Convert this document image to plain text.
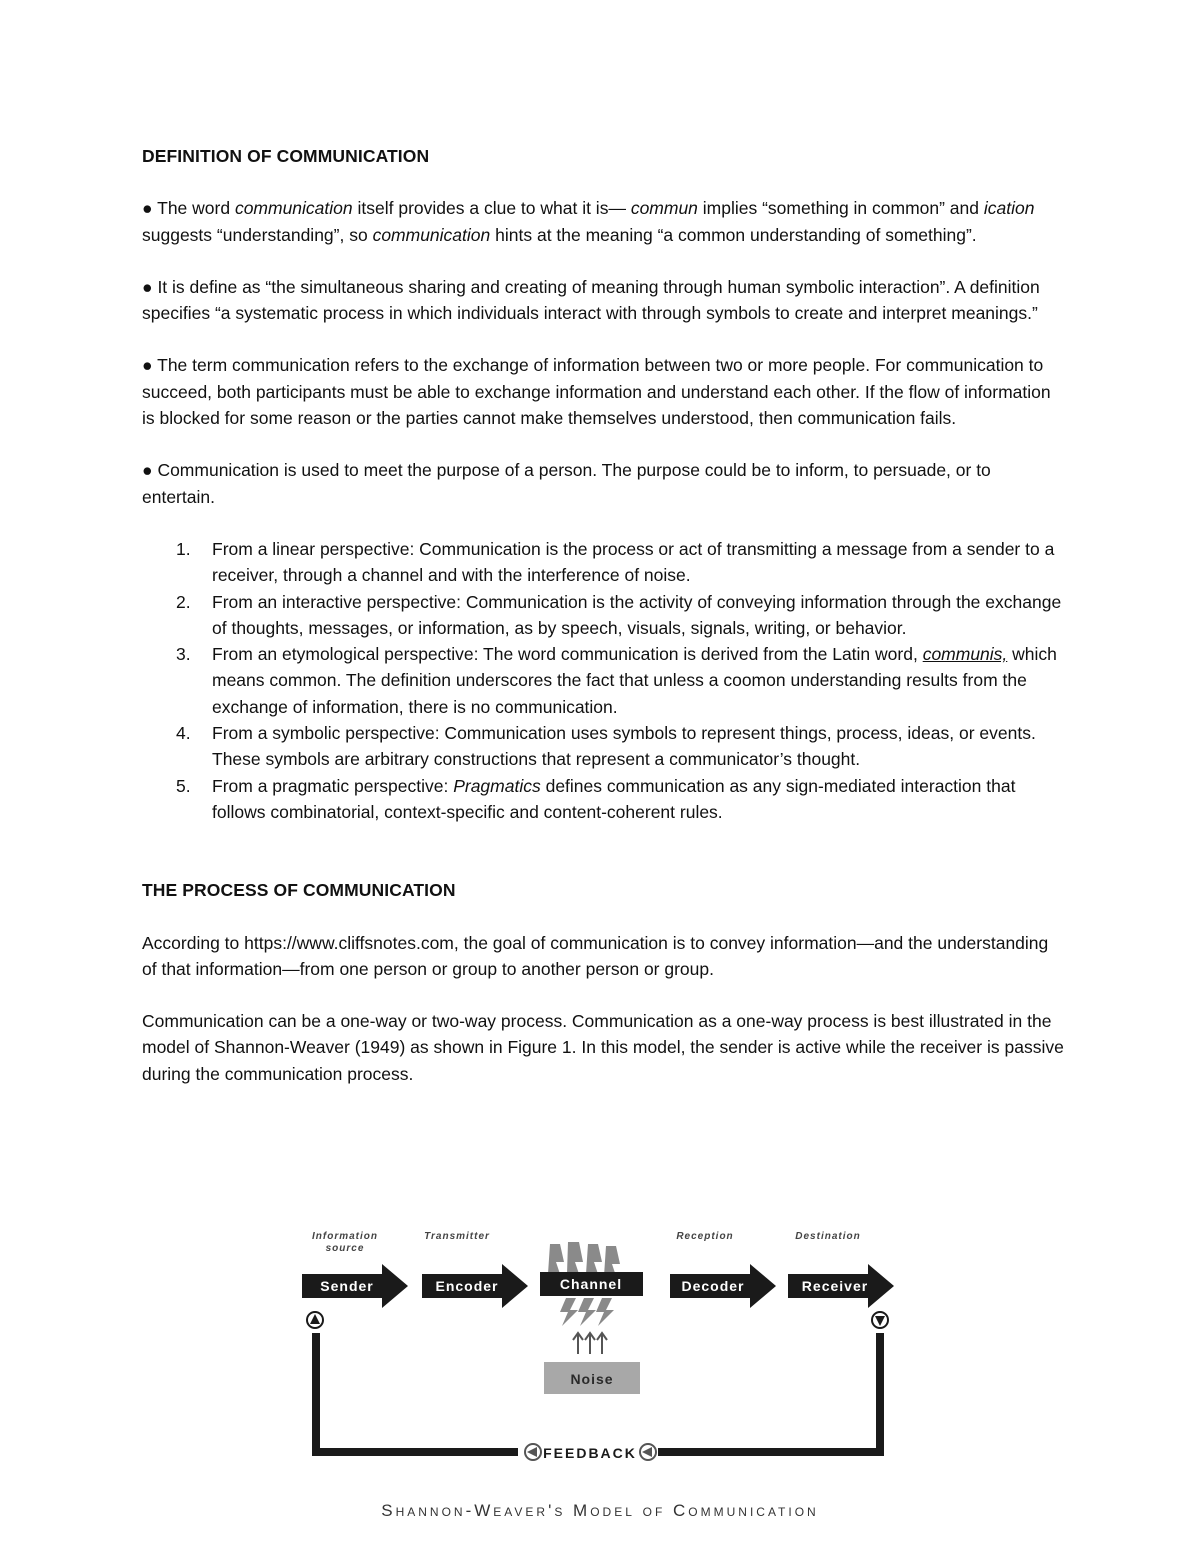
DEFINITION OF COMMUNICATION

● The word communication itself provides a clue to what it is— commun implies “something in common” and ication suggests “understanding”, so communication hints at the meaning “a common understanding of something”.

● It is define as “the simultaneous sharing and creating of meaning through human symbolic interaction”. A definition specifies “a systematic process in which individuals interact with through symbols to create and interpret meanings.”

● The term communication refers to the exchange of information between two or more people. For communication to succeed, both participants must be able to exchange information and understand each other. If the flow of information is blocked for some reason or the parties cannot make themselves understood, then communication fails.

● Communication is used to meet the purpose of a person. The purpose could be to inform, to persuade, or to entertain.

1. From a linear perspective: Communication is the process or act of transmitting a message from a sender to a receiver, through a channel and with the interference of noise.
2. From an interactive perspective: Communication is the activity of conveying information through the exchange of thoughts, messages, or information, as by speech, visuals, signals, writing, or behavior.
3. From an etymological perspective: The word communication is derived from the Latin word, communis, which means common. The definition underscores the fact that unless a coomon understanding results from the exchange of information, there is no communication.
4. From a symbolic perspective: Communication uses symbols to represent things, process, ideas, or events. These symbols are arbitrary constructions that represent a communicator’s thought.
5. From a pragmatic perspective: Pragmatics defines communication as any sign-mediated interaction that follows combinatorial, context-specific and content-coherent rules.

THE PROCESS OF COMMUNICATION

According to https://www.cliffsnotes.com, the goal of communication is to convey information—and the understanding of that information—from one person or group to another person or group.

Communication can be a one-way or two-way process. Communication as a one-way process is best illustrated in the model of Shannon-Weaver (1949) as shown in Figure 1. In this model, the sender is active while the receiver is passive during the communication process.

Information
source
Transmitter	Reception	Destination
Sender	Encoder	Channel	Decoder	Receiver
Noise
FEEDBACK
Shannon-Weaver's Model of Communication
